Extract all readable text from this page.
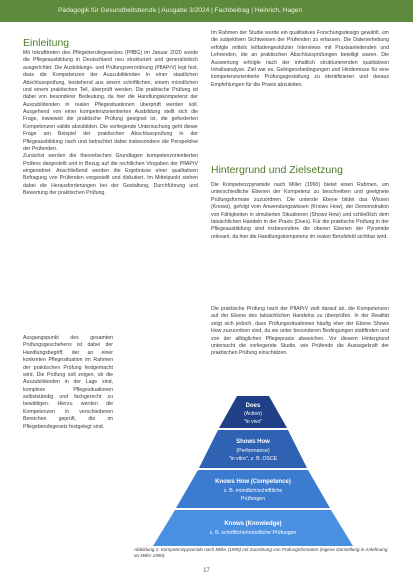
Pädagogik für Gesundheitsberufe | Ausgabe 3/2024 | Fachbeitrag | Heinrich, Hagen
Einleitung

Mit Inkrafttreten des Pflegeberufegesetzes (PflBG) im Januar 2020 wurde die Pflegeausbildung in Deutschland neu strukturiert und generalistisch ausgerichtet. Die Ausbildungs- und Prüfungsverordnung (PflAPrV) legt fest, dass die Kompetenzen der Auszubildenden in einer staatlichen Abschlussprüfung, bestehend aus einem schriftlichen, einem mündlichen und einem praktischen Teil, überprüft werden. Die praktische Prüfung ist dabei von besonderer Bedeutung, da hier die Handlungskompetenz der Auszubildenden in realen Pflegesituationen überprüft werden soll. Ausgehend von einer kompetenzorientierten Ausbildung stellt sich die Frage, inwieweit die praktische Prüfung geeignet ist, die geforderten Kompetenzen valide abzubilden. Die vorliegende Untersuchung geht dieser Frage am Beispiel der praktischen Abschlussprüfung in der Pflegeausbildung nach und betrachtet dabei insbesondere die Perspektive der Prüfenden.

Zunächst werden die theoretischen Grundlagen kompetenzorientierten Prüfens dargestellt und in Bezug auf die rechtlichen Vorgaben der PflAPrV eingeordnet. Anschließend werden die Ergebnisse einer qualitativen Befragung von Prüfenden vorgestellt und diskutiert. Im Mittelpunkt stehen dabei die Herausforderungen bei der Gestaltung, Durchführung und Bewertung der praktischen Prüfung.

Ausgangspunkt des gesamten Prüfungsgeschehens ist dabei der Handlungsbegriff, der an einer konkreten Pflegesituation im Rahmen der praktischen Prüfung festgemacht wird. Die Prüfung soll zeigen, ob die Auszubildenden in der Lage sind, komplexe Pflegesituationen selbstständig und fachgerecht zu bewältigen. Hierzu werden die Kompetenzen in verschiedenen Bereichen geprüft, die im Pflegeberufegesetz festgelegt sind.

Im Rahmen der Studie wurde ein qualitatives Forschungsdesign gewählt, um die subjektiven Sichtweisen der Prüfenden zu erfassen. Die Datenerhebung erfolgte mittels leitfadengestützter Interviews mit Praxisanleitenden und Lehrenden, die an praktischen Abschlussprüfungen beteiligt waren. Die Auswertung erfolgte nach der inhaltlich strukturierenden qualitativen Inhaltsanalyse. Ziel war es, Gelingensbedingungen und Hindernisse für eine kompetenzorientierte Prüfungsgestaltung zu identifizieren und daraus Empfehlungen für die Praxis abzuleiten.

Hintergrund und Zielsetzung

Die Kompetenzpyramide nach Miller (1990) bietet einen Rahmen, um unterschiedliche Ebenen der Kompetenz zu beschreiben und geeignete Prüfungsformate zuzuordnen. Die unterste Ebene bildet das Wissen (Knows), gefolgt vom Anwendungswissen (Knows How), der Demonstration von Fähigkeiten in simulierten Situationen (Shows How) und schließlich dem tatsächlichen Handeln in der Praxis (Does). Für die praktische Prüfung in der Pflegeausbildung sind insbesondere die oberen Ebenen der Pyramide relevant, da hier die Handlungskompetenz im realen Berufsfeld sichtbar wird.

Die praktische Prüfung nach der PflAPrV zielt darauf ab, die Kompetenzen auf der Ebene des tatsächlichen Handelns zu überprüfen. In der Realität zeigt sich jedoch, dass Prüfungssituationen häufig eher der Ebene Shows How zuzuordnen sind, da sie unter besonderen Bedingungen stattfinden und von der alltäglichen Pflegepraxis abweichen. Vor diesem Hintergrund untersucht die vorliegende Studie, wie Prüfende die Aussagekraft der praktischen Prüfung einschätzen.

Does
(Action)
"in vivo"
Shows How
(Performance)
"in vitro", z. B. OSCE
Knows How (Competence)
z. B. mündlich/schriftliche
Prüfungen
Knows (Knowledge)
z. B. schriftliche/mündliche Prüfungen
Abbildung 1: Kompetenzpyramide nach Miller (1990) mit Zuordnung von Prüfungsformaten (eigene Darstellung in Anlehnung an Miller 1990).
17
